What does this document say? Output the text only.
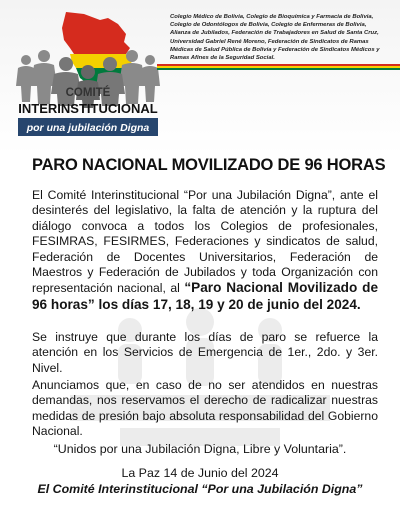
COMITÉ
INTERINSTITUCIONAL
por una jubilación Digna
Colegio Médico de Bolivia, Colegio de Bioquímica y Farmacia de Bolivia, Colegio de Odontólogos de Bolivia, Colegio de Enfermeras de Bolivia, Alianza de Jubilados, Federación de Trabajadores en Salud de Santa Cruz, Universidad Gabriel René Moreno, Federación de Sindicatos de Ramas Médicas de Salud Pública de Bolivia y Federación de Sindicatos Médicos y Ramas Afines de la Seguridad Social.
PARO NACIONAL MOVILIZADO DE 96 HORAS

El Comité Interinstitucional “Por una Jubilación Digna”, ante el desinterés del legislativo, la falta de atención y la ruptura del diálogo convoca a todos los Colegios de profesionales, FESIMRAS, FESIRMES, Federaciones y sindicatos de salud, Federación de Docentes Universitarios, Federación de Maestros y Federación de Jubilados y toda Organización con representación nacional, al “Paro Nacional Movilizado de 96 horas” los días 17, 18, 19 y 20 de junio del 2024.

Se instruye que durante los días de paro se refuerce la atención en los Servicios de Emergencia de 1er., 2do. y 3er. Nivel.

Anunciamos que, en caso de no ser atendidos en nuestras demandas, nos reservamos el derecho de radicalizar nuestras medidas de presión bajo absoluta responsabilidad del Gobierno Nacional.

“Unidos por una Jubilación Digna, Libre y Voluntaria”.
La Paz 14 de Junio del 2024
El Comité Interinstitucional “Por una Jubilación Digna”
